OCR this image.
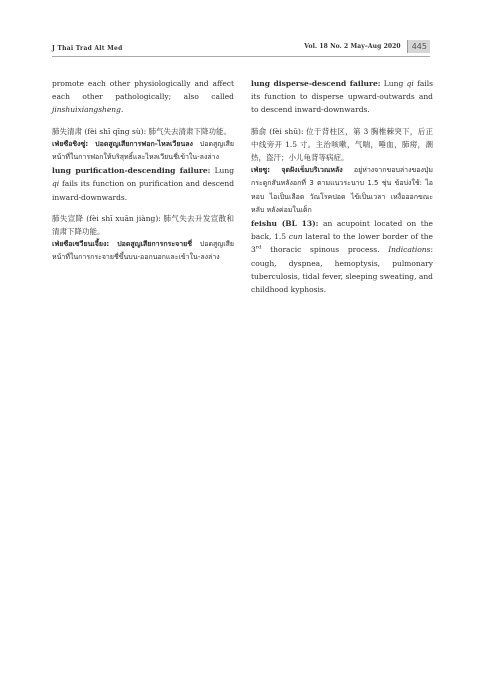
J Thai Trad Alt Med	Vol. 18 No. 2 May–Aug 2020	445

promote each other physiologically and affect each other pathologically; also called jinshuixiangsheng.

肺失清肃 (fèi shī qīng sù): 肺气失去清肃下降功能。

เฟ่ยซือชิงซู่: ปอดสูญเสียการฟอก-ไหลเวียนลง ปอดสูญเสียหน้าที่ในการฟอกให้บริสุทธิ์และไหลเวียนชี่เข้าใน-ลงล่าง

lung purification-descending failure: Lung qi fails its function on purification and descend inward-downwards.

肺失宣降 (fèi shī xuān jiàng): 肺气失去升发宣散和清肃下降功能。

เฟ่ยซือเซวียนเจี้ยง: ปอดสูญเสียการกระจายชี่ ปอดสูญเสียหน้าที่ในการกระจายชี่ขึ้นบน-ออกนอกและเข้าใน-ลงล่าง

lung disperse-descend failure: Lung qi fails its function to disperse upward-outwards and to descend inward-downwards.

肺俞 (fèi shū): 位于背柱区，第 3 胸椎棘突下，后正中线旁开 1.5 寸。主治咳嗽，气喘，唾血，肺痨，潮热，盗汗；小儿龟背等病症。

เฟ่ยซู: จุดฝังเข็มบริเวณหลัง อยู่ห่างจากขอบล่างของปุ่มกระดูกสันหลังอกที่ 3 ตามแนวระนาบ 1.5 ชุ่น ข้อบ่งใช้: ไอ หอบ ไอเป็นเลือด วัณโรคปอด ไข้เป็นเวลา เหงื่อออกขณะหลับ หลังค่อมในเด็ก

feishu (BL 13): an acupoint located on the back, 1.5 cun lateral to the lower border of the 3rd thoracic spinous process. Indications: cough, dyspnea, hemoptysis, pulmonary tuberculosis, tidal fever, sleeping sweating, and childhood kyphosis.
